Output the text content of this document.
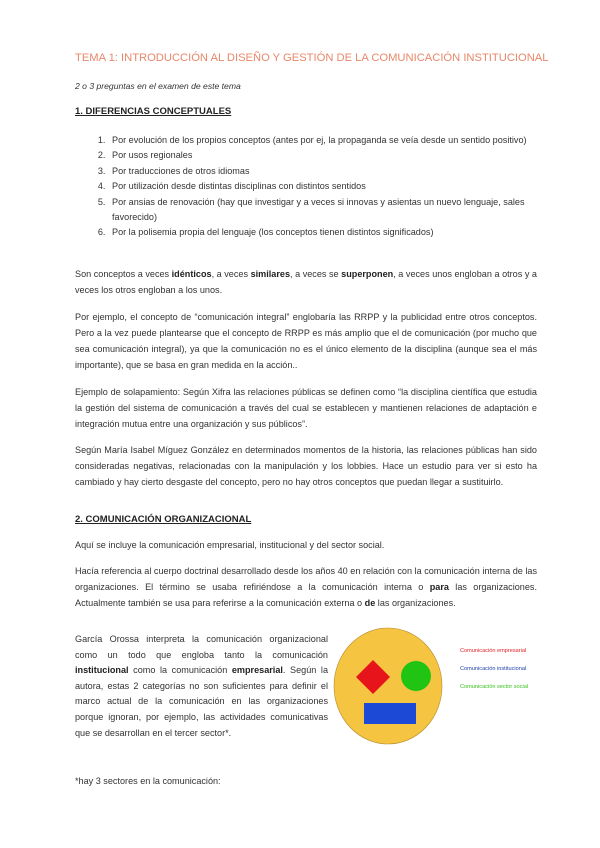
TEMA 1: INTRODUCCIÓN AL DISEÑO Y GESTIÓN DE LA COMUNICACIÓN INSTITUCIONAL

2 o 3 preguntas en el examen de este tema

1. DIFERENCIAS CONCEPTUALES
1. Por evolución de los propios conceptos (antes por ej, la propaganda se veía desde un sentido positivo)
2. Por usos regionales
3. Por traducciones de otros idiomas
4. Por utilización desde distintas disciplinas con distintos sentidos
5. Por ansias de renovación (hay que investigar y a veces si innovas y asientas un nuevo lenguaje, sales favorecido)
6. Por la polisemia propia del lenguaje (los conceptos tienen distintos significados)

Son conceptos a veces idénticos, a veces similares, a veces se superponen, a veces unos engloban a otros y a veces los otros engloban a los unos.

Por ejemplo, el concepto de “comunicación integral” englobaría las RRPP y la publicidad entre otros conceptos. Pero a la vez puede plantearse que el concepto de RRPP es más amplio que el de comunicación (por mucho que sea comunicación integral), ya que la comunicación no es el único elemento de la disciplina (aunque sea el más importante), que se basa en gran medida en la acción..

Ejemplo de solapamiento: Según Xifra las relaciones públicas se definen como “la disciplina científica que estudia la gestión del sistema de comunicación a través del cual se establecen y mantienen relaciones de adaptación e integración mutua entre una organización y sus públicos”.

Según María Isabel Míguez González en determinados momentos de la historia, las relaciones públicas han sido consideradas negativas, relacionadas con la manipulación y los lobbies. Hace un estudio para ver si esto ha cambiado y hay cierto desgaste del concepto, pero no hay otros conceptos que puedan llegar a sustituirlo.

2. COMUNICACIÓN ORGANIZACIONAL

Aquí se incluye la comunicación empresarial, institucional y del sector social.

Hacía referencia al cuerpo doctrinal desarrollado desde los años 40 en relación con la comunicación interna de las organizaciones. El término se usaba refiriéndose a la comunicación interna o para las organizaciones. Actualmente también se usa para referirse a la comunicación externa o de las organizaciones.

García Orossa interpreta la comunicación organizacional como un todo que engloba tanto la comunicación institucional como la comunicación empresarial. Según la autora, estas 2 categorías no son suficientes para definir el marco actual de la comunicación en las organizaciones porque ignoran, por ejemplo, las actividades comunicativas que se desarrollan en el tercer sector*.

*hay 3 sectores en la comunicación:

Comunicación empresarial
Comunicación institucional
Comunicación sector social
